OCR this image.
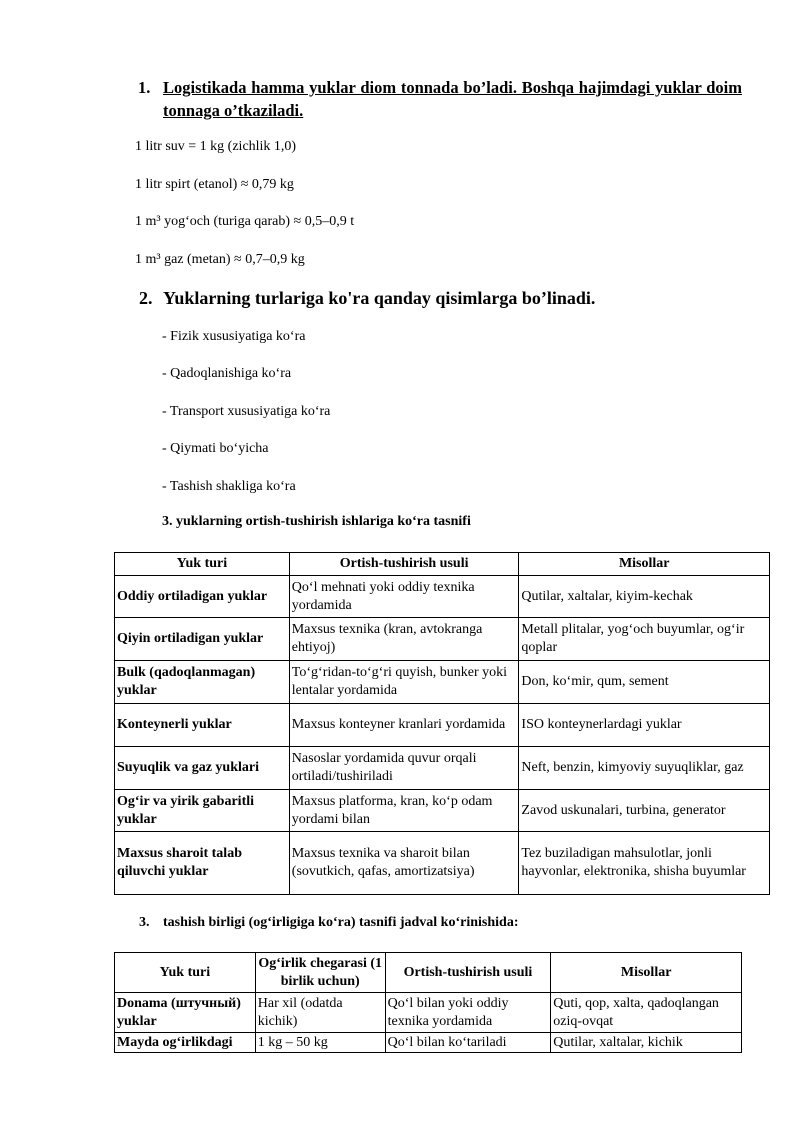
1. Logistikada hamma yuklar diom tonnada bo’ladi. Boshqa hajimdagi yuklar doim tonnaga o’tkaziladi.
1 litr suv = 1 kg (zichlik 1,0)
1 litr spirt (etanol) ≈ 0,79 kg
1 m³ yog‘och (turiga qarab) ≈ 0,5–0,9 t
1 m³ gaz (metan) ≈ 0,7–0,9 kg
2. Yuklarning turlariga ko'ra qanday qisimlarga bo’linadi.
- Fizik xususiyatiga ko‘ra
- Qadoqlanishiga ko‘ra
- Transport xususiyatiga ko‘ra
- Qiymati bo‘yicha
- Tashish shakliga ko‘ra
3. yuklarning ortish-tushirish ishlariga ko‘ra tasnifi
Yuk turi	Ortish-tushirish usuli	Misollar
Oddiy ortiladigan yuklar	Qo‘l mehnati yoki oddiy texnika yordamida	Qutilar, xaltalar, kiyim-kechak
Qiyin ortiladigan yuklar	Maxsus texnika (kran, avtokranga ehtiyoj)	Metall plitalar, yog‘och buyumlar, og‘ir qoplar
Bulk (qadoqlanmagan) yuklar	To‘g‘ridan-to‘g‘ri quyish, bunker yoki lentalar yordamida	Don, ko‘mir, qum, sement
Konteynerli yuklar	Maxsus konteyner kranlari yordamida	ISO konteynerlardagi yuklar
Suyuqlik va gaz yuklari	Nasoslar yordamida quvur orqali ortiladi/tushiriladi	Neft, benzin, kimyoviy suyuqliklar, gaz
Og‘ir va yirik gabaritli yuklar	Maxsus platforma, kran, ko‘p odam yordami bilan	Zavod uskunalari, turbina, generator
Maxsus sharoit talab qiluvchi yuklar	Maxsus texnika va sharoit bilan (sovutkich, qafas, amortizatsiya)	Tez buziladigan mahsulotlar, jonli hayvonlar, elektronika, shisha buyumlar
3. tashish birligi (og‘irligiga ko‘ra) tasnifi jadval ko‘rinishida:
Yuk turi	Og‘irlik chegarasi (1 birlik uchun)	Ortish-tushirish usuli	Misollar
Donama (штучный) yuklar	Har xil (odatda kichik)	Qo‘l bilan yoki oddiy texnika yordamida	Quti, qop, xalta, qadoqlangan oziq-ovqat
Mayda og‘irlikdagi	1 kg – 50 kg	Qo‘l bilan ko‘tariladi	Qutilar, xaltalar, kichik
